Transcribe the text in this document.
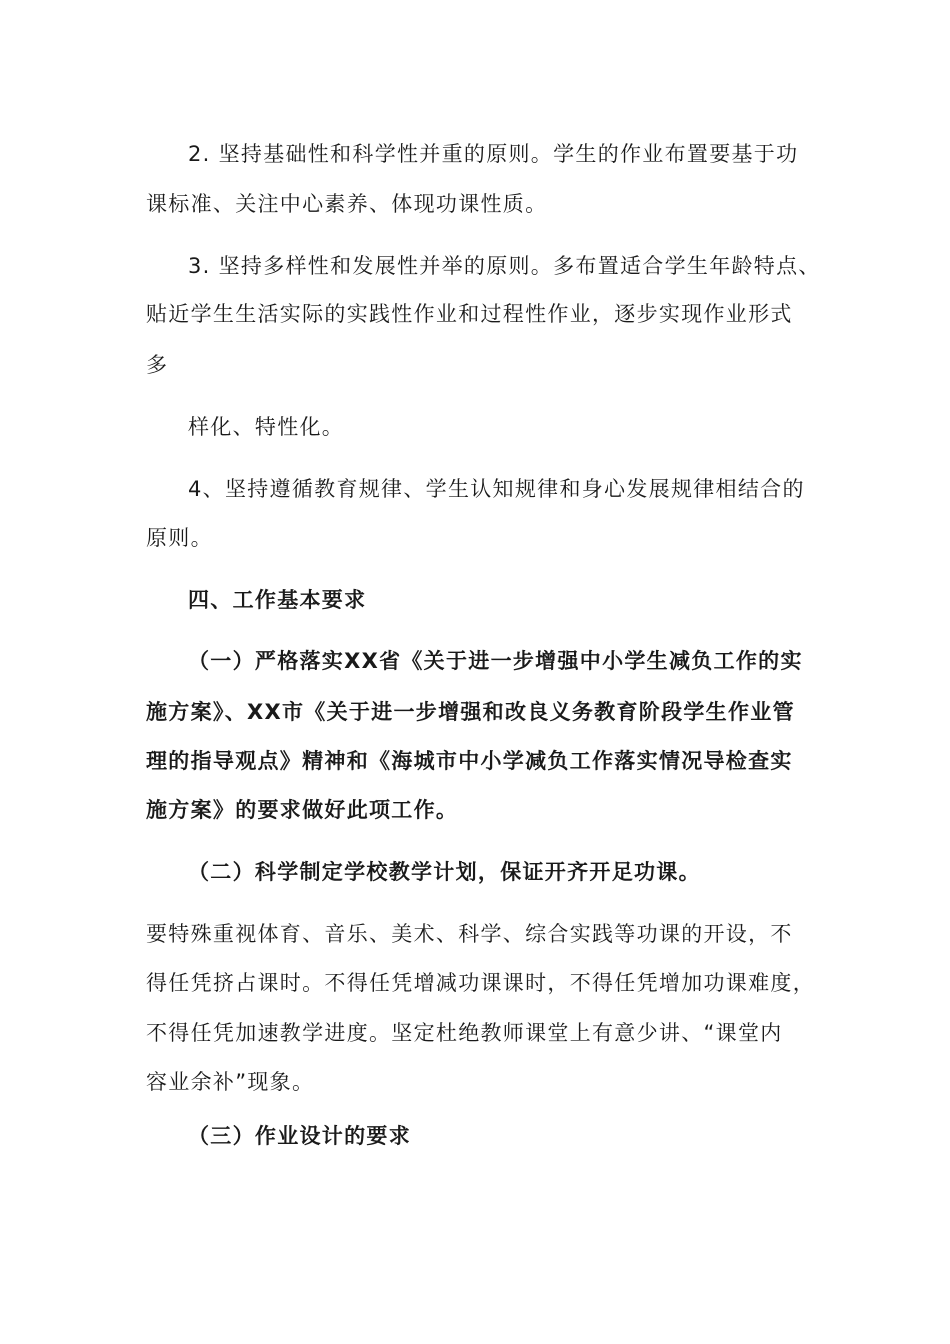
2. 坚持基础性和科学性并重的原则。学生的作业布置要基于功
课标准、关注中心素养、体现功课性质。
3. 坚持多样性和发展性并举的原则。多布置适合学生年龄特点、
贴近学生生活实际的实践性作业和过程性作业，逐步实现作业形式
多
样化、特性化。
4、坚持遵循教育规律、学生认知规律和身心发展规律相结合的
原则。
四、工作基本要求
（一）严格落实XX省《关于进一步增强中小学生减负工作的实
施方案》、XX市《关于进一步增强和改良义务教育阶段学生作业管
理的指导观点》精神和《海城市中小学减负工作落实情况导检查实
施方案》的要求做好此项工作。
（二）科学制定学校教学计划，保证开齐开足功课。
要特殊重视体育、音乐、美术、科学、综合实践等功课的开设，不
得任凭挤占课时。不得任凭增减功课课时，不得任凭增加功课难度，
不得任凭加速教学进度。坚定杜绝教师课堂上有意少讲、“课堂内
容业余补”现象。
（三）作业设计的要求
